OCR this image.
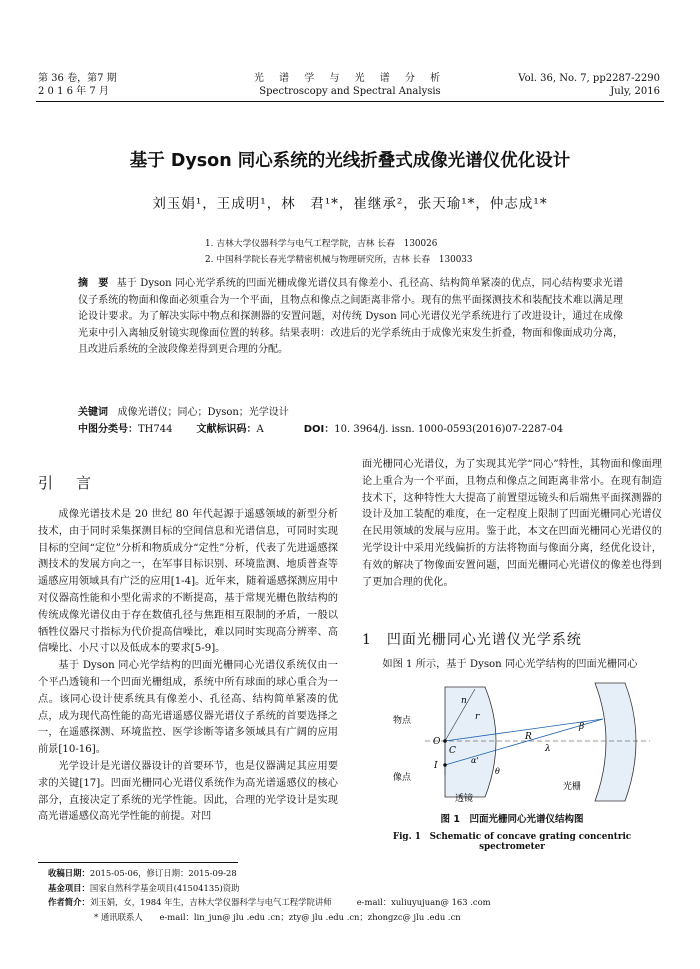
第 36 卷，第7 期
2 0 1 6 年 7 月
光 谱 学 与 光 谱 分 析
Spectroscopy and Spectral Analysis
Vol. 36, No. 7, pp2287-2290
July, 2016
基于 Dyson 同心系统的光线折叠式成像光谱仪优化设计
刘玉娟¹，王成明¹，林　君¹*，崔继承²，张天瑜¹*，仲志成¹*
1. 吉林大学仪器科学与电气工程学院，吉林 长春　130026
2. 中国科学院长春光学精密机械与物理研究所，吉林 长春　130033
摘　要 基于 Dyson 同心光学系统的凹面光栅成像光谱仪具有像差小、孔径高、结构简单紧凑的优点，同心结构要求光谱仪子系统的物面和像面必须重合为一个平面，且物点和像点之间距离非常小。现有的焦平面探测技术和装配技术难以满足理论设计要求。为了解决实际中物点和探测器的安置问题，对传统 Dyson 同心光谱仪光学系统进行了改进设计，通过在成像光束中引入离轴反射镜实现像面位置的转移。结果表明：改进后的光学系统由于成像光束发生折叠，物面和像面成功分离，且改进后系统的全波段像差得到更合理的分配。
关键词 成像光谱仪；同心；Dyson；光学设计
中图分类号：TH744 文献标识码：A	DOI：10. 3964/j. issn. 1000-0593(2016)07-2287-04
引　言

成像光谱技术是 20 世纪 80 年代起源于遥感领域的新型分析技术，由于同时采集探测目标的空间信息和光谱信息，可同时实现目标的空间“定位”分析和物质成分“定性”分析，代表了先进遥感探测技术的发展方向之一，在军事目标识别、环境监测、地质普查等遥感应用领域具有广泛的应用[1-4]。近年来，随着遥感探测应用中对仪器高性能和小型化需求的不断提高，基于常规光栅色散结构的传统成像光谱仪由于存在数值孔径与焦距相互限制的矛盾，一般以牺牲仪器尺寸指标为代价提高信噪比，难以同时实现高分辨率、高信噪比、小尺寸以及低成本的要求[5-9]。

基于 Dyson 同心光学结构的凹面光栅同心光谱仪系统仅由一个平凸透镜和一个凹面光栅组成，系统中所有球面的球心重合为一点。该同心设计使系统具有像差小、孔径高、结构简单紧凑的优点，成为现代高性能的高光谱遥感仪器光谱仪子系统的首要选择之一，在遥感探测、环境监控、医学诊断等诸多领域具有广阔的应用前景[10-16]。

光学设计是光谱仪器设计的首要环节，也是仪器满足其应用要求的关键[17]。凹面光栅同心光谱仪系统作为高光谱遥感仪的核心部分，直接决定了系统的光学性能。因此，合理的光学设计是实现高光谱遥感仪高光学性能的前提。对凹

面光栅同心光谱仪，为了实现其光学“同心”特性，其物面和像面理论上重合为一个平面，且物点和像点之间距离非常小。在现有制造技术下，这种特性大大提高了前置望远镜头和后端焦平面探测器的设计及加工装配的难度，在一定程度上限制了凹面光栅同心光谱仪在民用领域的发展与应用。鉴于此，本文在凹面光栅同心光谱仪的光学设计中采用光线偏折的方法将物面与像面分离，经优化设计，有效的解决了物像面安置问题，凹面光栅同心光谱仪的像差也得到了更加合理的优化。

1　凹面光栅同心光谱仪光学系统

如图 1 所示，基于 Dyson 同心光学结构的凹面光栅同心

物点
像点
O
C
I
R
n
r
λ
β
α'
θ
透镜
光栅
图 1　凹面光栅同心光谱仪结构图
Fig. 1　Schematic of concave grating concentric spectrometer
收稿日期：2015-05-06，修订日期：2015-09-28
基金项目：国家自然科学基金项目(41504135)资助
作者简介：刘玉娟，女，1984 年生，吉林大学仪器科学与电气工程学院讲师　　　e-mail：xuliuyujuan@ 163 .com
* 通讯联系人　　e-mail：lin_jun@ jlu .edu .cn；zty@ jlu .edu .cn；zhongzc@ jlu .edu .cn
